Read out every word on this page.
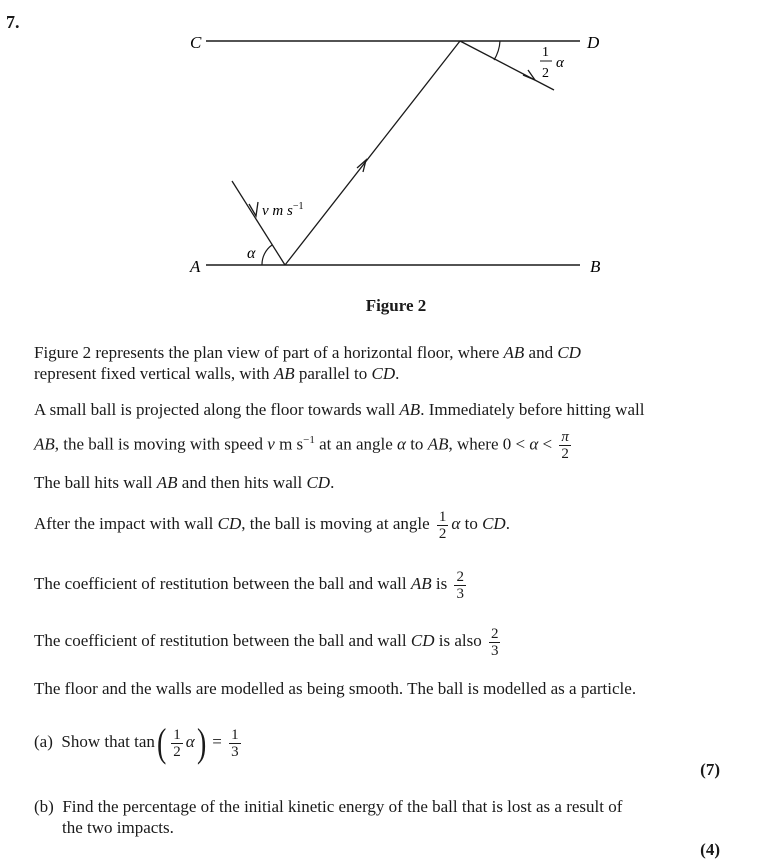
7.
C	D
A	B
α
v m $s^{-1}$
1
2
α
Figure 2
Figure 2 represents the plan view of part of a horizontal floor, where AB and CD
represent fixed vertical walls, with AB parallel to CD.
A small ball is projected along the floor towards wall AB. Immediately before hitting wall
AB, the ball is moving with speed v m $s^{-1}$ at an angle α to AB, where $0 < \alpha < \frac{\pi}{2}$
The ball hits wall AB and then hits wall CD.
After the impact with wall CD, the ball is moving at angle $\frac{1}{2}$ α to CD.
The coefficient of restitution between the ball and wall AB is $\frac{2}{3}$
The coefficient of restitution between the ball and wall CD is also $\frac{2}{3}$
The floor and the walls are modelled as being smooth. The ball is modelled as a particle.
(a) Show that $\tan( \frac{1}{2} \alpha) = \frac{1}{3}$
(7)
(b) Find the percentage of the initial kinetic energy of the ball that is lost as a result of
the two impacts.
(4)
